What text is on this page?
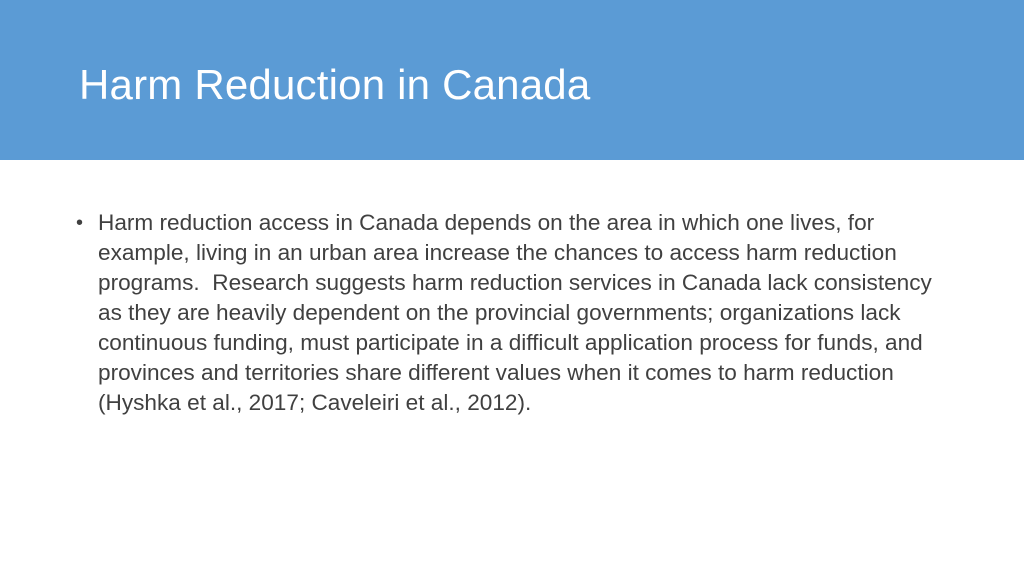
Harm Reduction in Canada
• Harm reduction access in Canada depends on the area in which one lives, for example, living in an urban area increase the chances to access harm reduction programs.  Research suggests harm reduction services in Canada lack consistency as they are heavily dependent on the provincial governments; organizations lack continuous funding, must participate in a difficult application process for funds, and provinces and territories share different values when it comes to harm reduction (Hyshka et al., 2017; Caveleiri et al., 2012).
